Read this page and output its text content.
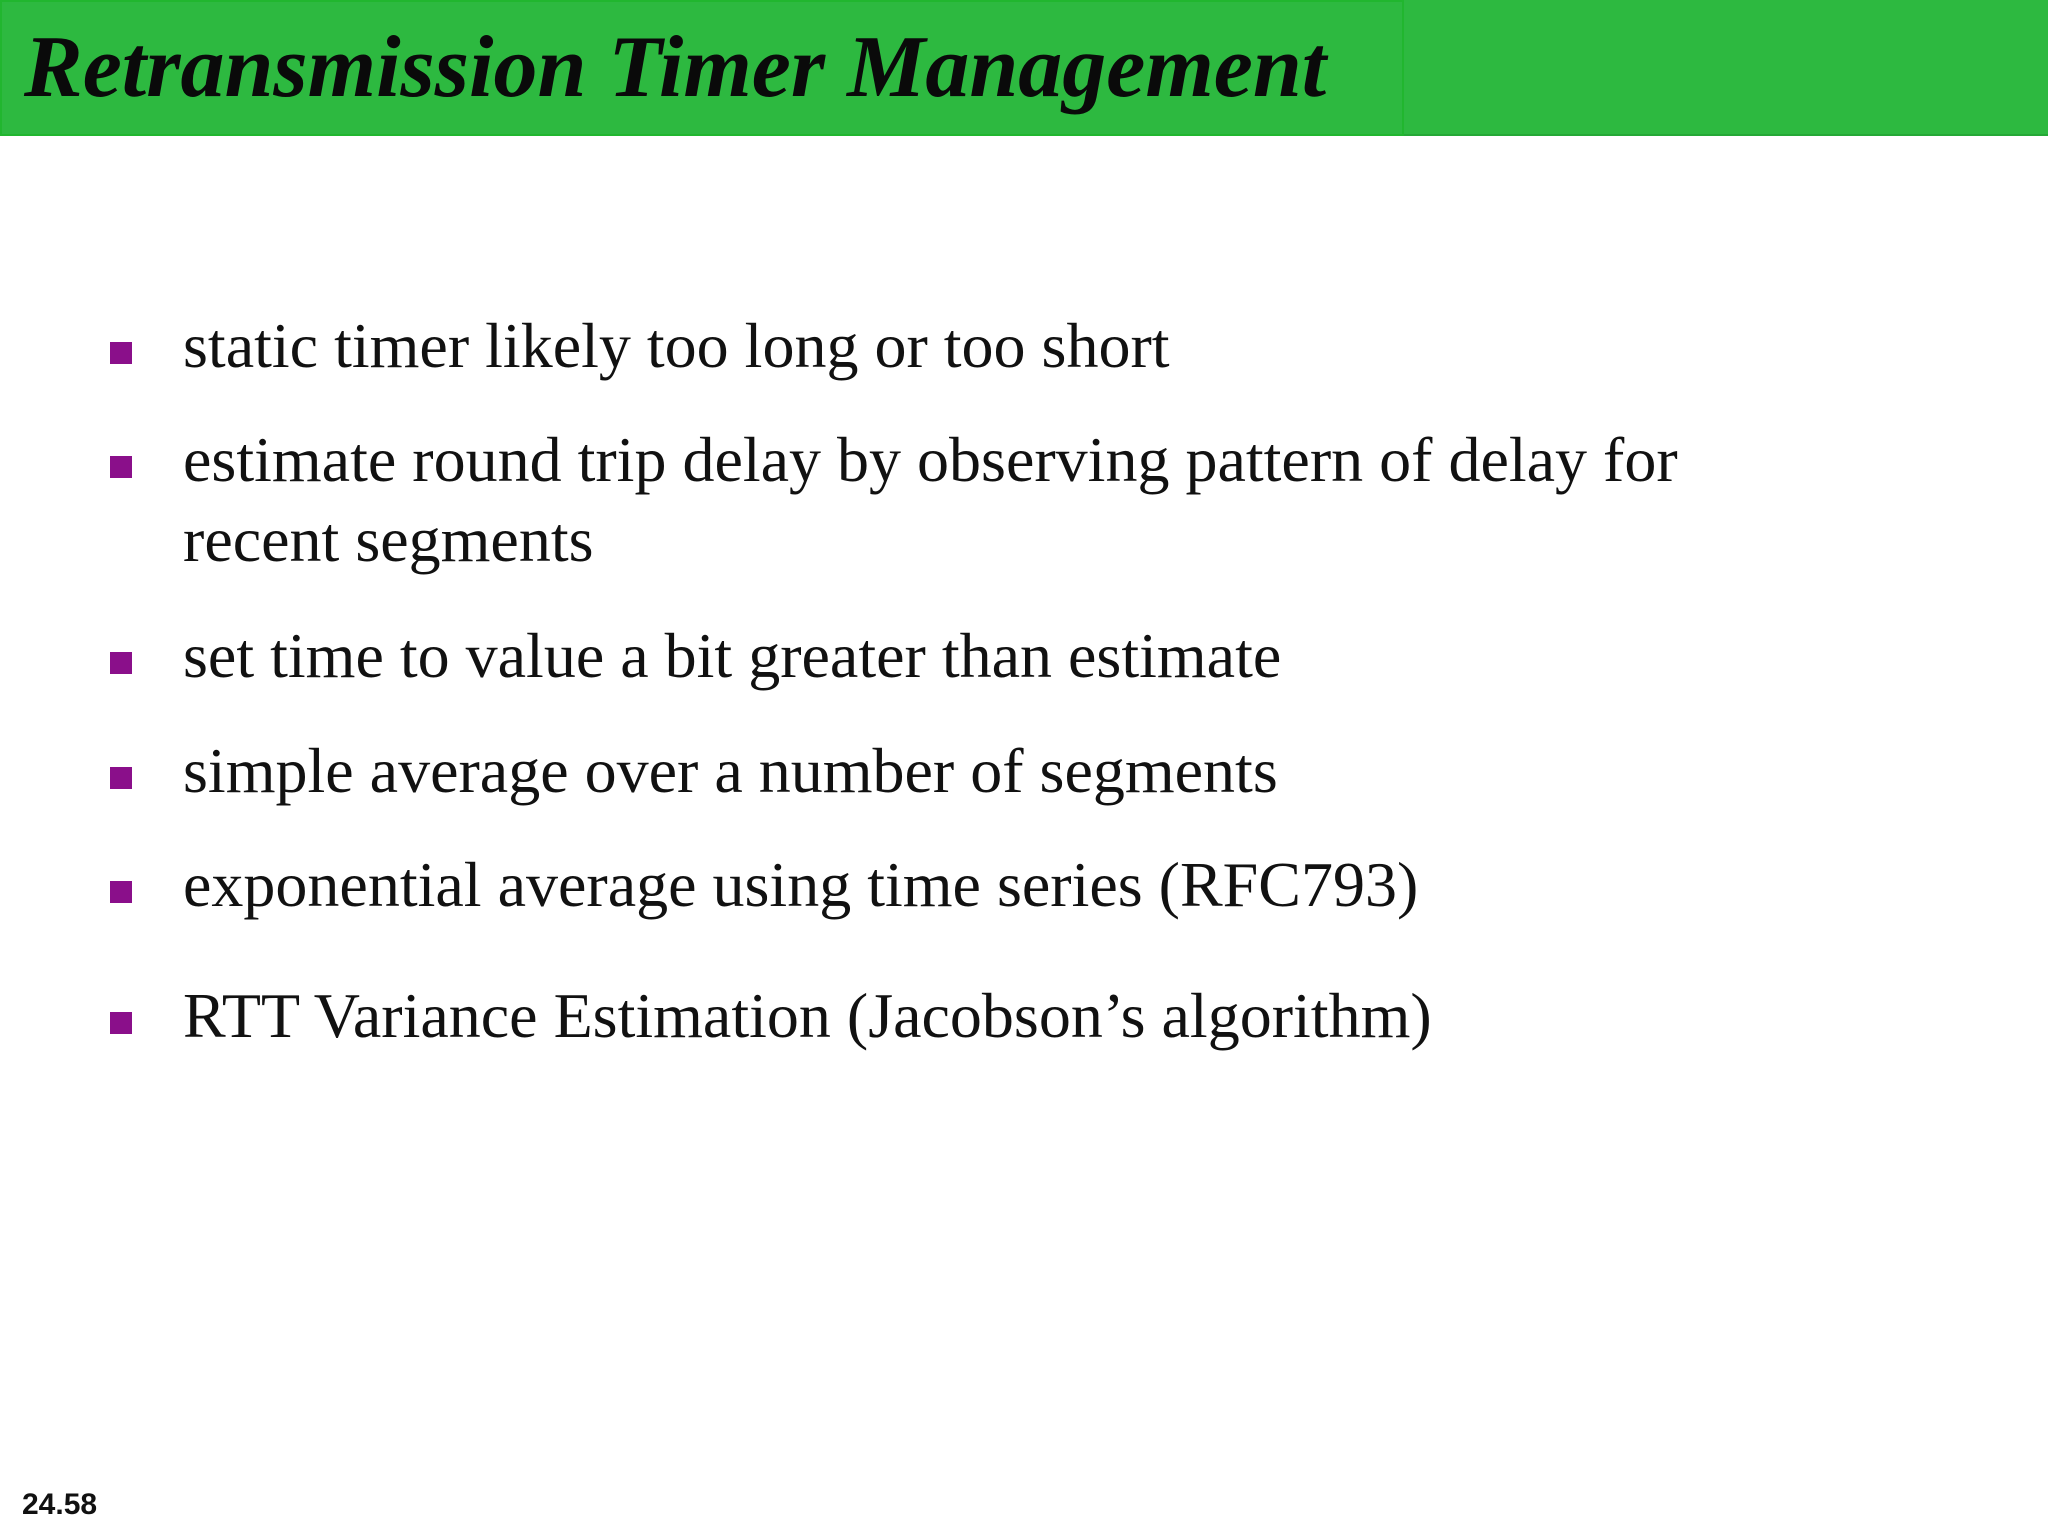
Retransmission Timer Management
static timer likely too long or too short
estimate round trip delay by observing pattern of delay for recent segments
set time to value a bit greater than estimate
simple average over a number of segments
exponential average using time series (RFC793)
RTT Variance Estimation (Jacobson’s algorithm)
24.58
